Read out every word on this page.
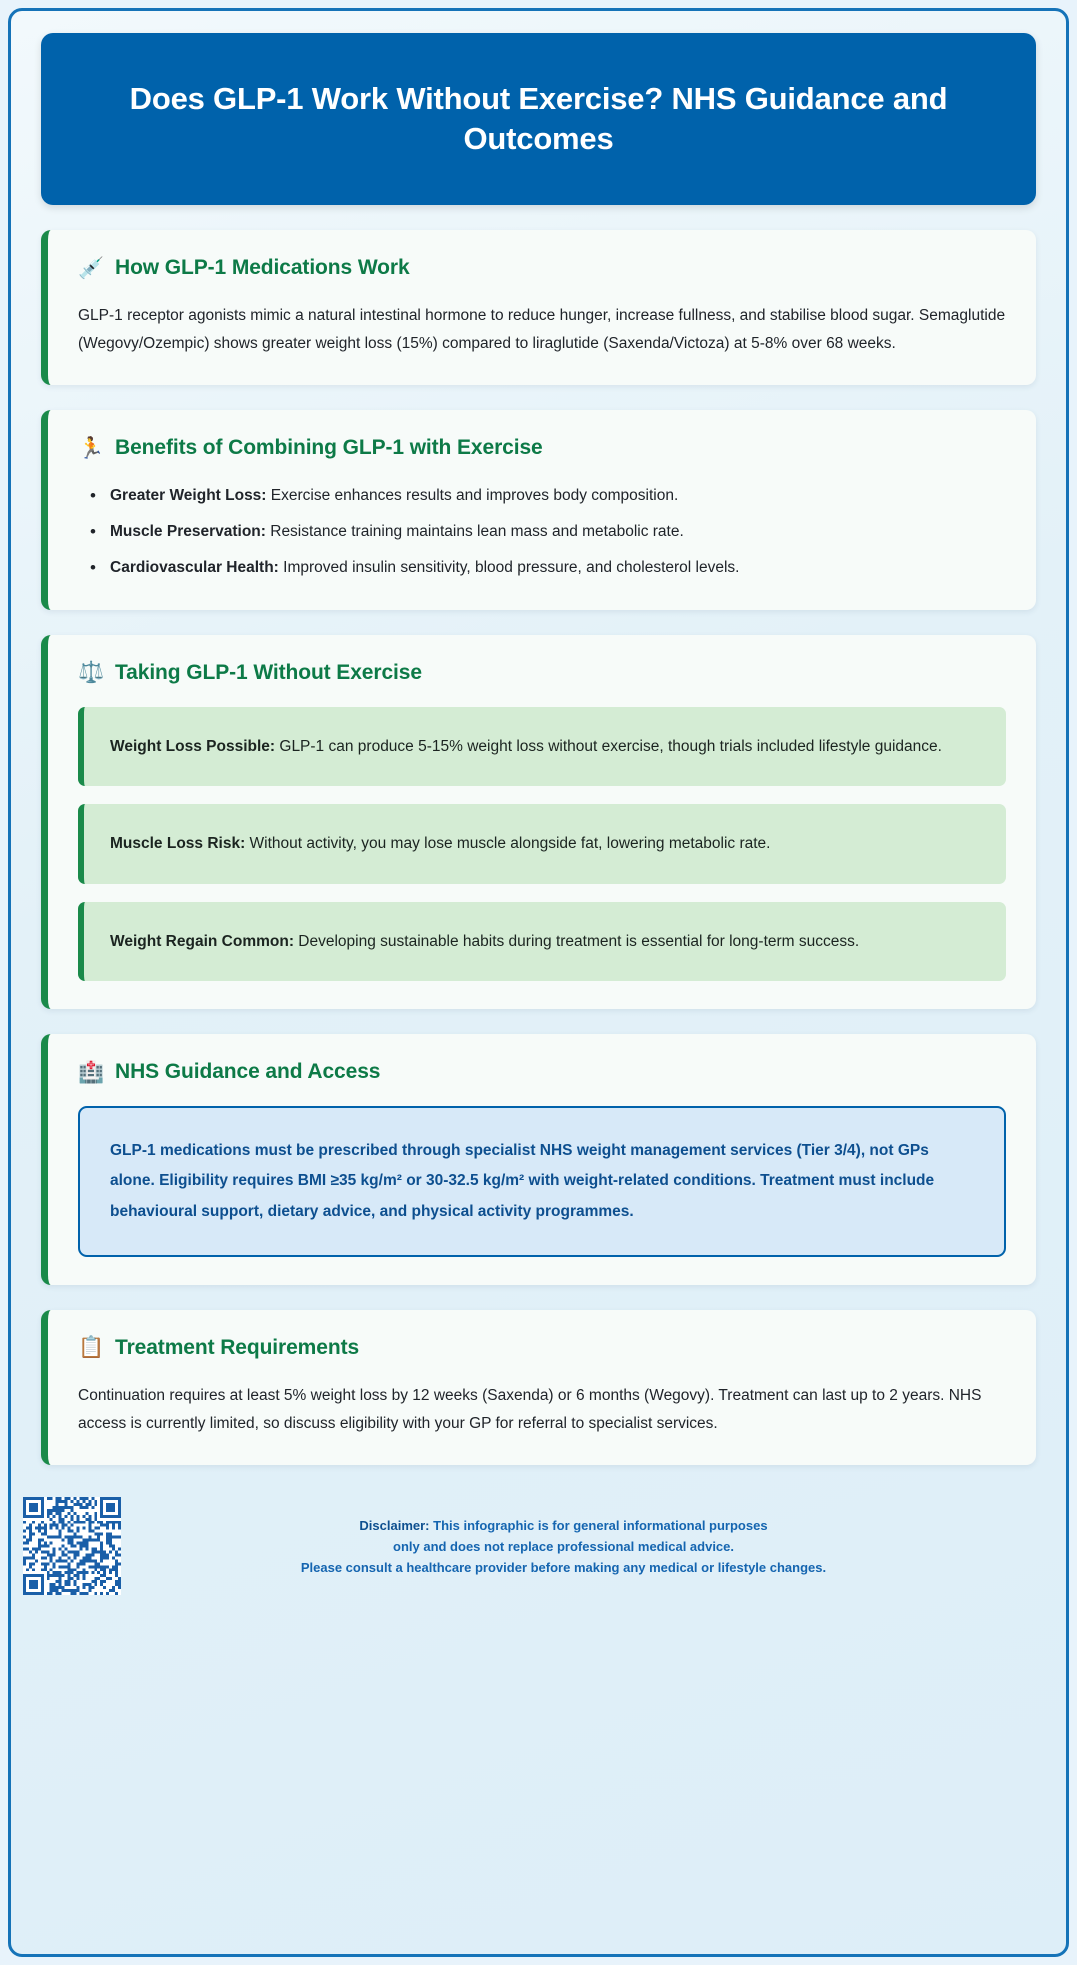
Does GLP-1 Work Without Exercise? NHS Guidance and Outcomes
💉 How GLP-1 Medications Work

GLP-1 receptor agonists mimic a natural intestinal hormone to reduce hunger, increase fullness, and stabilise blood sugar. Semaglutide (Wegovy/Ozempic) shows greater weight loss (15%) compared to liraglutide (Saxenda/Victoza) at 5-8% over 68 weeks.

🏃 Benefits of Combining GLP-1 with Exercise
• Greater Weight Loss: Exercise enhances results and improves body composition.
• Muscle Preservation: Resistance training maintains lean mass and metabolic rate.
• Cardiovascular Health: Improved insulin sensitivity, blood pressure, and cholesterol levels.
⚖️ Taking GLP-1 Without Exercise
Weight Loss Possible: GLP-1 can produce 5-15% weight loss without exercise, though trials included lifestyle guidance.
Muscle Loss Risk: Without activity, you may lose muscle alongside fat, lowering metabolic rate.
Weight Regain Common: Developing sustainable habits during treatment is essential for long-term success.
🏥 NHS Guidance and Access
GLP-1 medications must be prescribed through specialist NHS weight management services (Tier 3/4), not GPs alone. Eligibility requires BMI ≥35 kg/m² or 30-32.5 kg/m² with weight-related conditions. Treatment must include behavioural support, dietary advice, and physical activity programmes.
📋 Treatment Requirements

Continuation requires at least 5% weight loss by 12 weeks (Saxenda) or 6 months (Wegovy). Treatment can last up to 2 years. NHS access is currently limited, so discuss eligibility with your GP for referral to specialist services.

Disclaimer: This infographic is for general informational purposes
only and does not replace professional medical advice.
Please consult a healthcare provider before making any medical or lifestyle changes.
